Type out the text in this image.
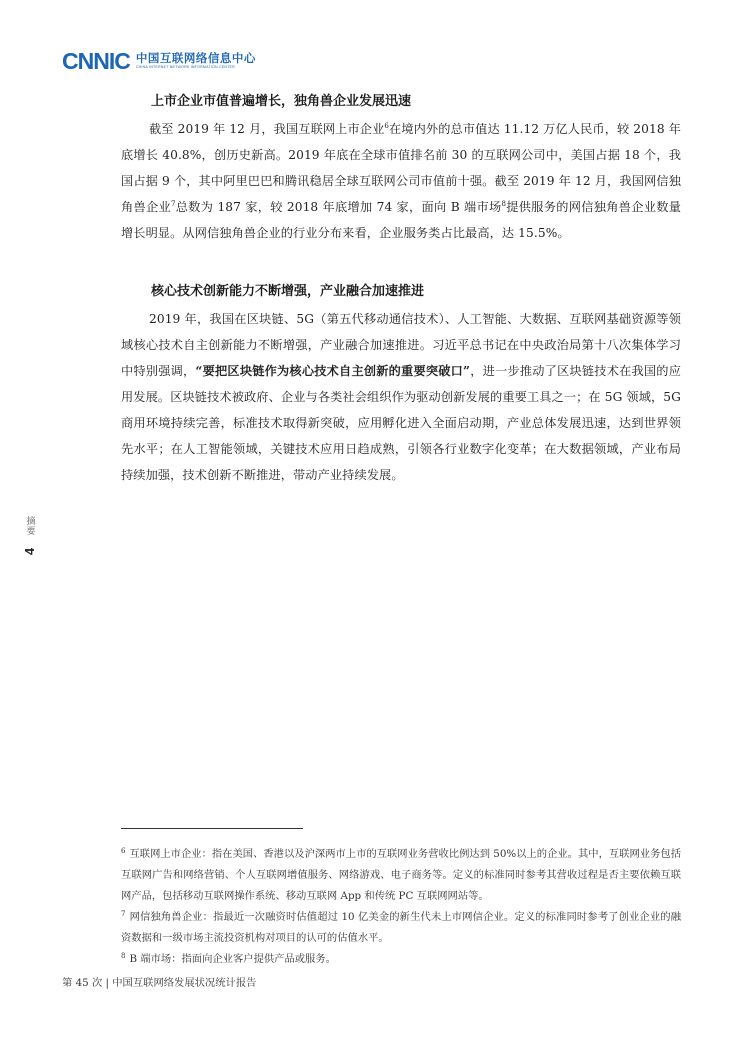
CNNIC 中国互联网络信息中心
CHINA INTERNET NETWORK INFORMATION CENTER
上市企业市值普遍增长，独角兽企业发展迅速

截至 2019 年 12 月，我国互联网上市企业$^6$在境内外的总市值达 11.12 万亿人民币，较 2018 年底增长 40.8%，创历史新高。2019 年底在全球市值排名前 30 的互联网公司中，美国占据 18 个，我国占据 9 个，其中阿里巴巴和腾讯稳居全球互联网公司市值前十强。截至 2019 年 12 月，我国网信独角兽企业$^7$总数为 187 家，较 2018 年底增加 74 家，面向 B 端市场$^8$提供服务的网信独角兽企业数量增长明显。从网信独角兽企业的行业分布来看，企业服务类占比最高，达 15.5%。

核心技术创新能力不断增强，产业融合加速推进

2019 年，我国在区块链、5G（第五代移动通信技术）、人工智能、大数据、互联网基础资源等领域核心技术自主创新能力不断增强，产业融合加速推进。习近平总书记在中央政治局第十八次集体学习中特别强调，“要把区块链作为核心技术自主创新的重要突破口”，进一步推动了区块链技术在我国的应用发展。区块链技术被政府、企业与各类社会组织作为驱动创新发展的重要工具之一；在 5G 领域，5G 商用环境持续完善，标准技术取得新突破，应用孵化进入全面启动期，产业总体发展迅速，达到世界领先水平；在人工智能领域，关键技术应用日趋成熟，引领各行业数字化变革；在大数据领域，产业布局持续加强，技术创新不断推进，带动产业持续发展。

摘要
4

$^6$ 互联网上市企业：指在美国、香港以及沪深两市上市的互联网业务营收比例达到 50%以上的企业。其中，互联网业务包括互联网广告和网络营销、个人互联网增值服务、网络游戏、电子商务等。定义的标准同时参考其营收过程是否主要依赖互联网产品，包括移动互联网操作系统、移动互联网 App 和传统 PC 互联网网站等。

$^7$ 网信独角兽企业：指最近一次融资时估值超过 10 亿美金的新生代未上市网信企业。定义的标准同时参考了创业企业的融资数据和一级市场主流投资机构对项目的认可的估值水平。

$^8$ B 端市场：指面向企业客户提供产品或服务。

第 45 次 | 中国互联网络发展状况统计报告
